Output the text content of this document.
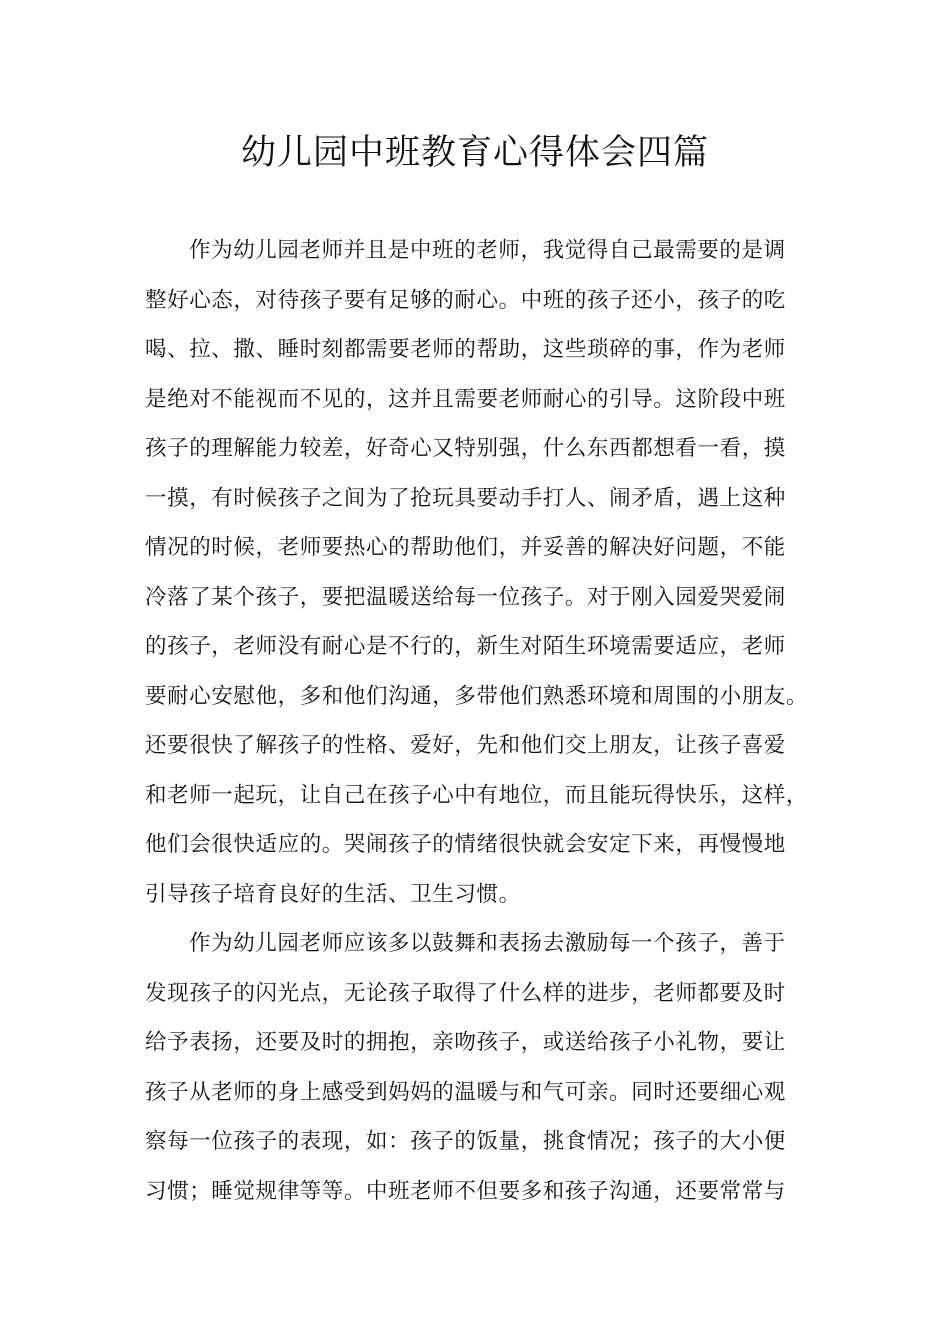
幼儿园中班教育心得体会四篇
作为幼儿园老师并且是中班的老师，我觉得自己最需要的是调
整好心态，对待孩子要有足够的耐心。中班的孩子还小，孩子的吃
喝、拉、撒、睡时刻都需要老师的帮助，这些琐碎的事，作为老师
是绝对不能视而不见的，这并且需要老师耐心的引导。这阶段中班
孩子的理解能力较差，好奇心又特别强，什么东西都想看一看，摸
一摸，有时候孩子之间为了抢玩具要动手打人、闹矛盾，遇上这种
情况的时候，老师要热心的帮助他们，并妥善的解决好问题，不能
冷落了某个孩子，要把温暖送给每一位孩子。对于刚入园爱哭爱闹
的孩子，老师没有耐心是不行的，新生对陌生环境需要适应，老师
要耐心安慰他，多和他们沟通，多带他们熟悉环境和周围的小朋友。
还要很快了解孩子的性格、爱好，先和他们交上朋友，让孩子喜爱
和老师一起玩，让自己在孩子心中有地位，而且能玩得快乐，这样，
他们会很快适应的。哭闹孩子的情绪很快就会安定下来，再慢慢地
引导孩子培育良好的生活、卫生习惯。
作为幼儿园老师应该多以鼓舞和表扬去激励每一个孩子，善于
发现孩子的闪光点，无论孩子取得了什么样的进步，老师都要及时
给予表扬，还要及时的拥抱，亲吻孩子，或送给孩子小礼物，要让
孩子从老师的身上感受到妈妈的温暖与和气可亲。同时还要细心观
察每一位孩子的表现，如：孩子的饭量，挑食情况；孩子的大小便
习惯；睡觉规律等等。中班老师不但要多和孩子沟通，还要常常与
